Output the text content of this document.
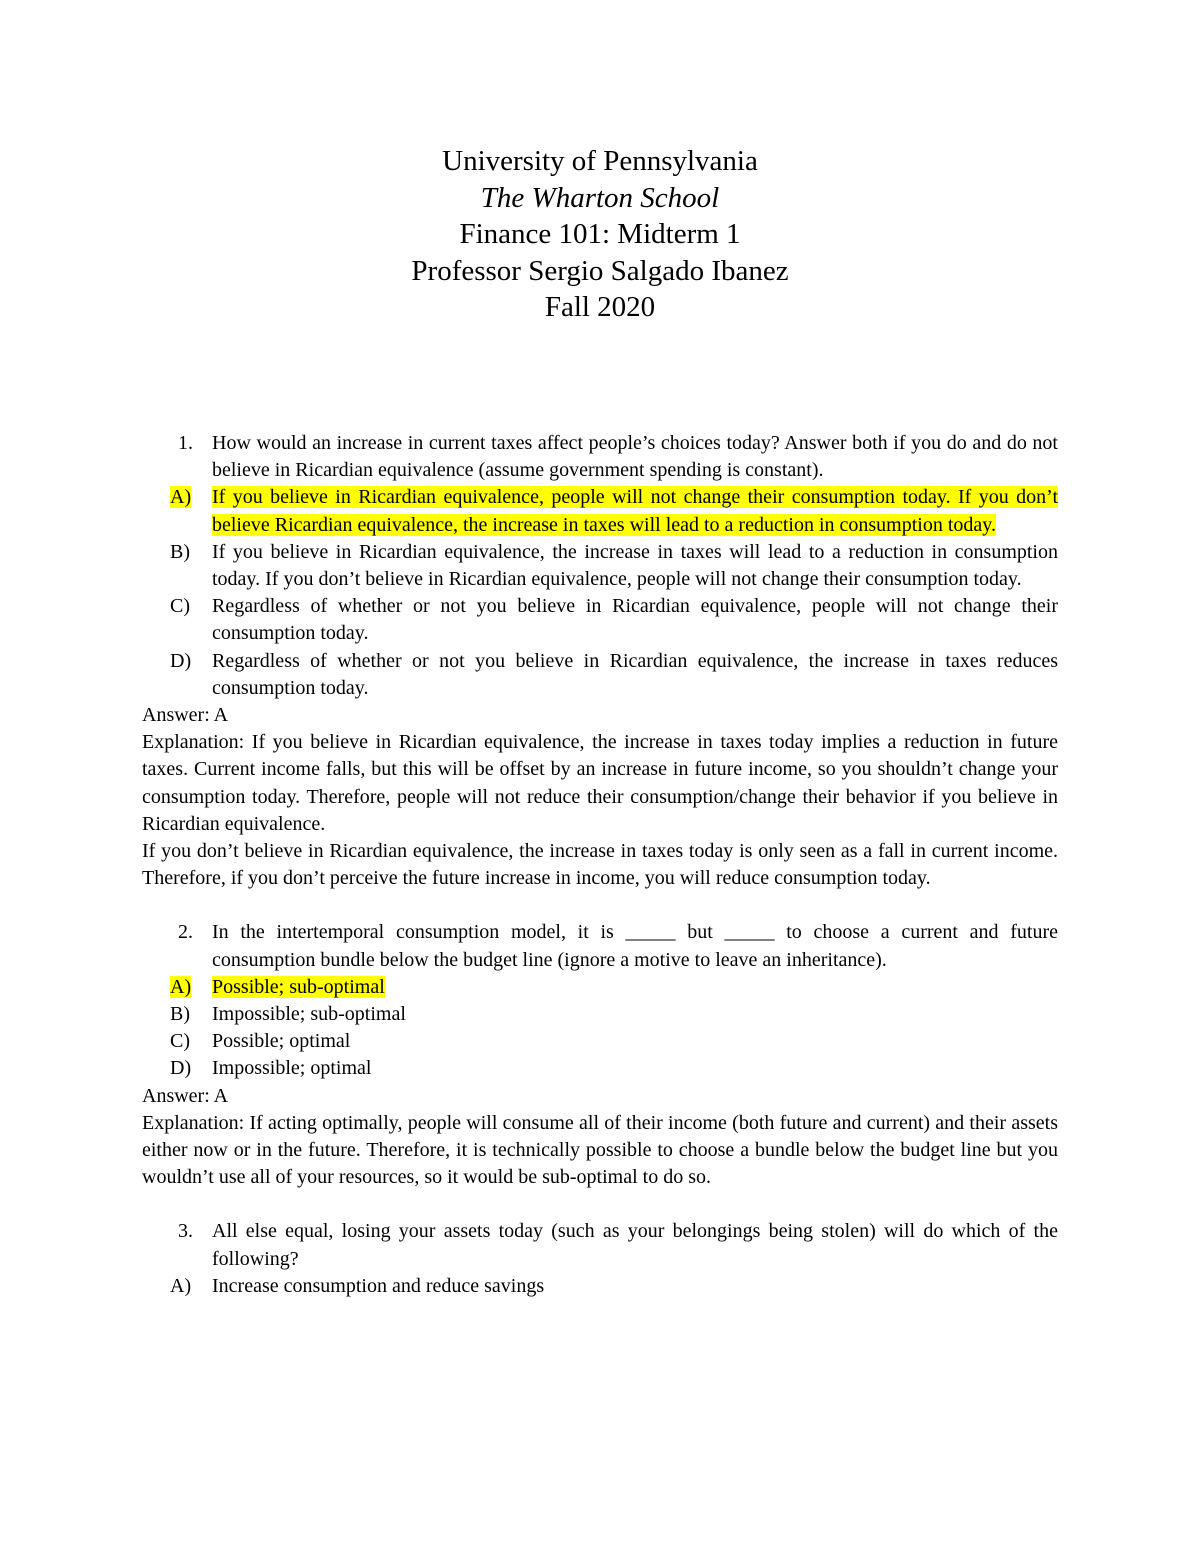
University of Pennsylvania
The Wharton School
Finance 101: Midterm 1
Professor Sergio Salgado Ibanez
Fall 2020
1. How would an increase in current taxes affect people’s choices today? Answer both if you do and do not believe in Ricardian equivalence (assume government spending is constant).
A)	If you believe in Ricardian equivalence, people will not change their consumption today. If you don’t believe Ricardian equivalence, the increase in taxes will lead to a reduction in consumption today.
B)	If you believe in Ricardian equivalence, the increase in taxes will lead to a reduction in consumption today. If you don’t believe in Ricardian equivalence, people will not change their consumption today.
C)	Regardless of whether or not you believe in Ricardian equivalence, people will not change their consumption today.
D)	Regardless of whether or not you believe in Ricardian equivalence, the increase in taxes reduces consumption today.
Answer: A
Explanation: If you believe in Ricardian equivalence, the increase in taxes today implies a reduction in future taxes. Current income falls, but this will be offset by an increase in future income, so you shouldn’t change your consumption today. Therefore, people will not reduce their consumption/change their behavior if you believe in Ricardian equivalence.
If you don’t believe in Ricardian equivalence, the increase in taxes today is only seen as a fall in current income. Therefore, if you don’t perceive the future increase in income, you will reduce consumption today.
2. In the intertemporal consumption model, it is _____ but _____ to choose a current and future consumption bundle below the budget line (ignore a motive to leave an inheritance).
A)	Possible; sub-optimal
B)	Impossible; sub-optimal
C)	Possible; optimal
D)	Impossible; optimal
Answer: A
Explanation: If acting optimally, people will consume all of their income (both future and current) and their assets either now or in the future. Therefore, it is technically possible to choose a bundle below the budget line but you wouldn’t use all of your resources, so it would be sub-optimal to do so.
3. All else equal, losing your assets today (such as your belongings being stolen) will do which of the following?
A)	Increase consumption and reduce savings
